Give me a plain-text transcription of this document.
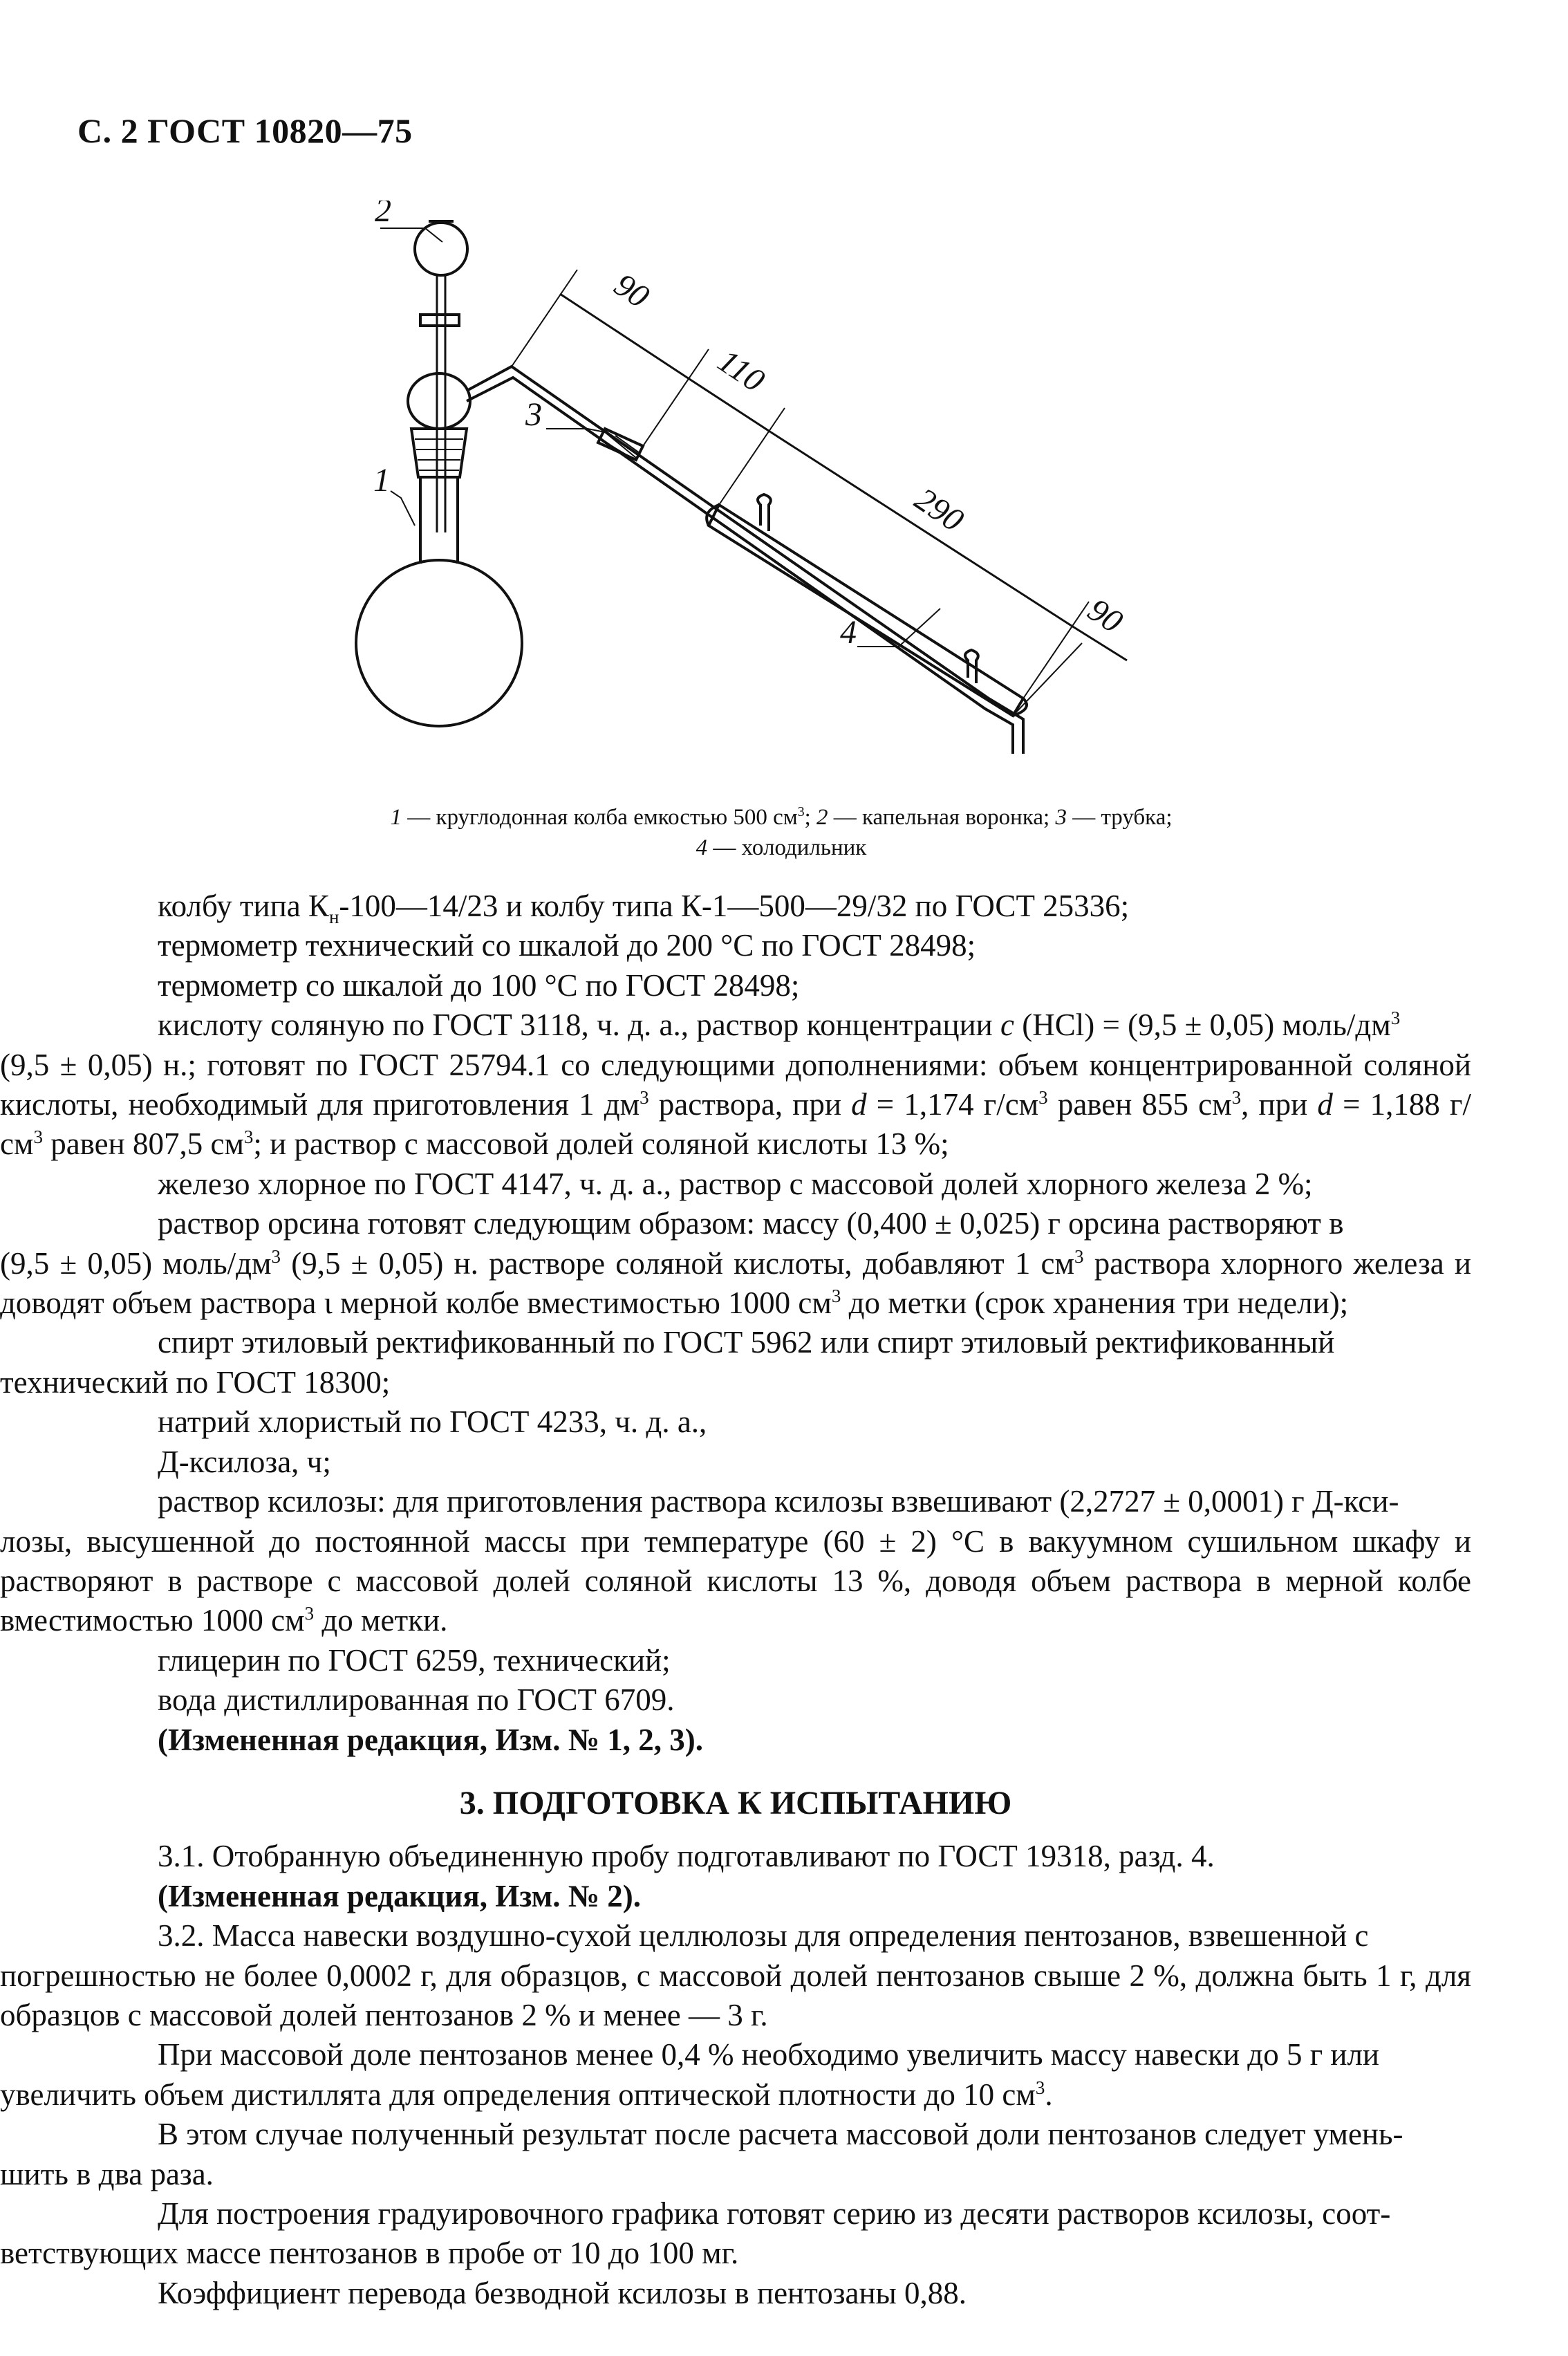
С. 2 ГОСТ 10820—75
2
3
1
4
90
110
290
90
1 — круглодонная колба емкостью 500 $см^3$; 2 — капельная воронка; 3 — трубка;
4 — холодильник

колбу типа $К_н-100—14/23$ и колбу типа К-1—500—29/32 по ГОСТ 25336;

термометр технический со шкалой до 200 °С по ГОСТ 28498;

термометр со шкалой до 100 °С по ГОСТ 28498;

кислоту соляную по ГОСТ 3118, ч. д. а., раствор концентрации с (HCl) = (9,5 ± 0,05) моль/$дм^3$

(9,5 ± 0,05) н.; готовят по ГОСТ 25794.1 со следующими дополнениями: объем концентрированной соляной кислоты, необходимый для приготовления 1 $дм^3$ раствора, при d = 1,174 $г/см^3$ равен 855 $см^3$, при d = 1,188 $г/см^3$ равен 807,5 $см^3$; и раствор с массовой долей соляной кислоты 13 %;

железо хлорное по ГОСТ 4147, ч. д. а., раствор с массовой долей хлорного железа 2 %;

раствор орсина готовят следующим образом: массу (0,400 ± 0,025) г орсина растворяют в

(9,5 ± 0,05) моль/$дм^3$ (9,5 ± 0,05) н. растворе соляной кислоты, добавляют 1 $см^3$ раствора хлорного железа и доводят объем раствора ι мерной колбе вместимостью 1000 $см^3$ до метки (срок хранения три недели);

спирт этиловый ректификованный по ГОСТ 5962 или спирт этиловый ректификованный

технический по ГОСТ 18300;

натрий хлористый по ГОСТ 4233, ч. д. а.,

Д-ксилоза, ч;

раствор ксилозы: для приготовления раствора ксилозы взвешивают (2,2727 ± 0,0001) г Д-кси-

лозы, высушенной до постоянной массы при температуре (60 ± 2) °С в вакуумном сушильном шкафу и растворяют в растворе с массовой долей соляной кислоты 13 %, доводя объем раствора в мерной колбе вместимостью 1000 $см^3$ до метки.

глицерин по ГОСТ 6259, технический;

вода дистиллированная по ГОСТ 6709.

(Измененная редакция, Изм. № 1, 2, 3).

3. ПОДГОТОВКА К ИСПЫТАНИЮ

3.1. Отобранную объединенную пробу подготавливают по ГОСТ 19318, разд. 4.

(Измененная редакция, Изм. № 2).

3.2. Масса навески воздушно-сухой целлюлозы для определения пентозанов, взвешенной с

погрешностью не более 0,0002 г, для образцов, с массовой долей пентозанов свыше 2 %, должна быть 1 г, для образцов с массовой долей пентозанов 2 % и менее — 3 г.

При массовой доле пентозанов менее 0,4 % необходимо увеличить массу навески до 5 г или

увеличить объем дистиллята для определения оптической плотности до 10 $см^3$.

В этом случае полученный результат после расчета массовой доли пентозанов следует умень-

шить в два раза.

Для построения градуировочного графика готовят серию из десяти растворов ксилозы, соот-

ветствующих массе пентозанов в пробе от 10 до 100 мг.

Коэффициент перевода безводной ксилозы в пентозаны 0,88.
